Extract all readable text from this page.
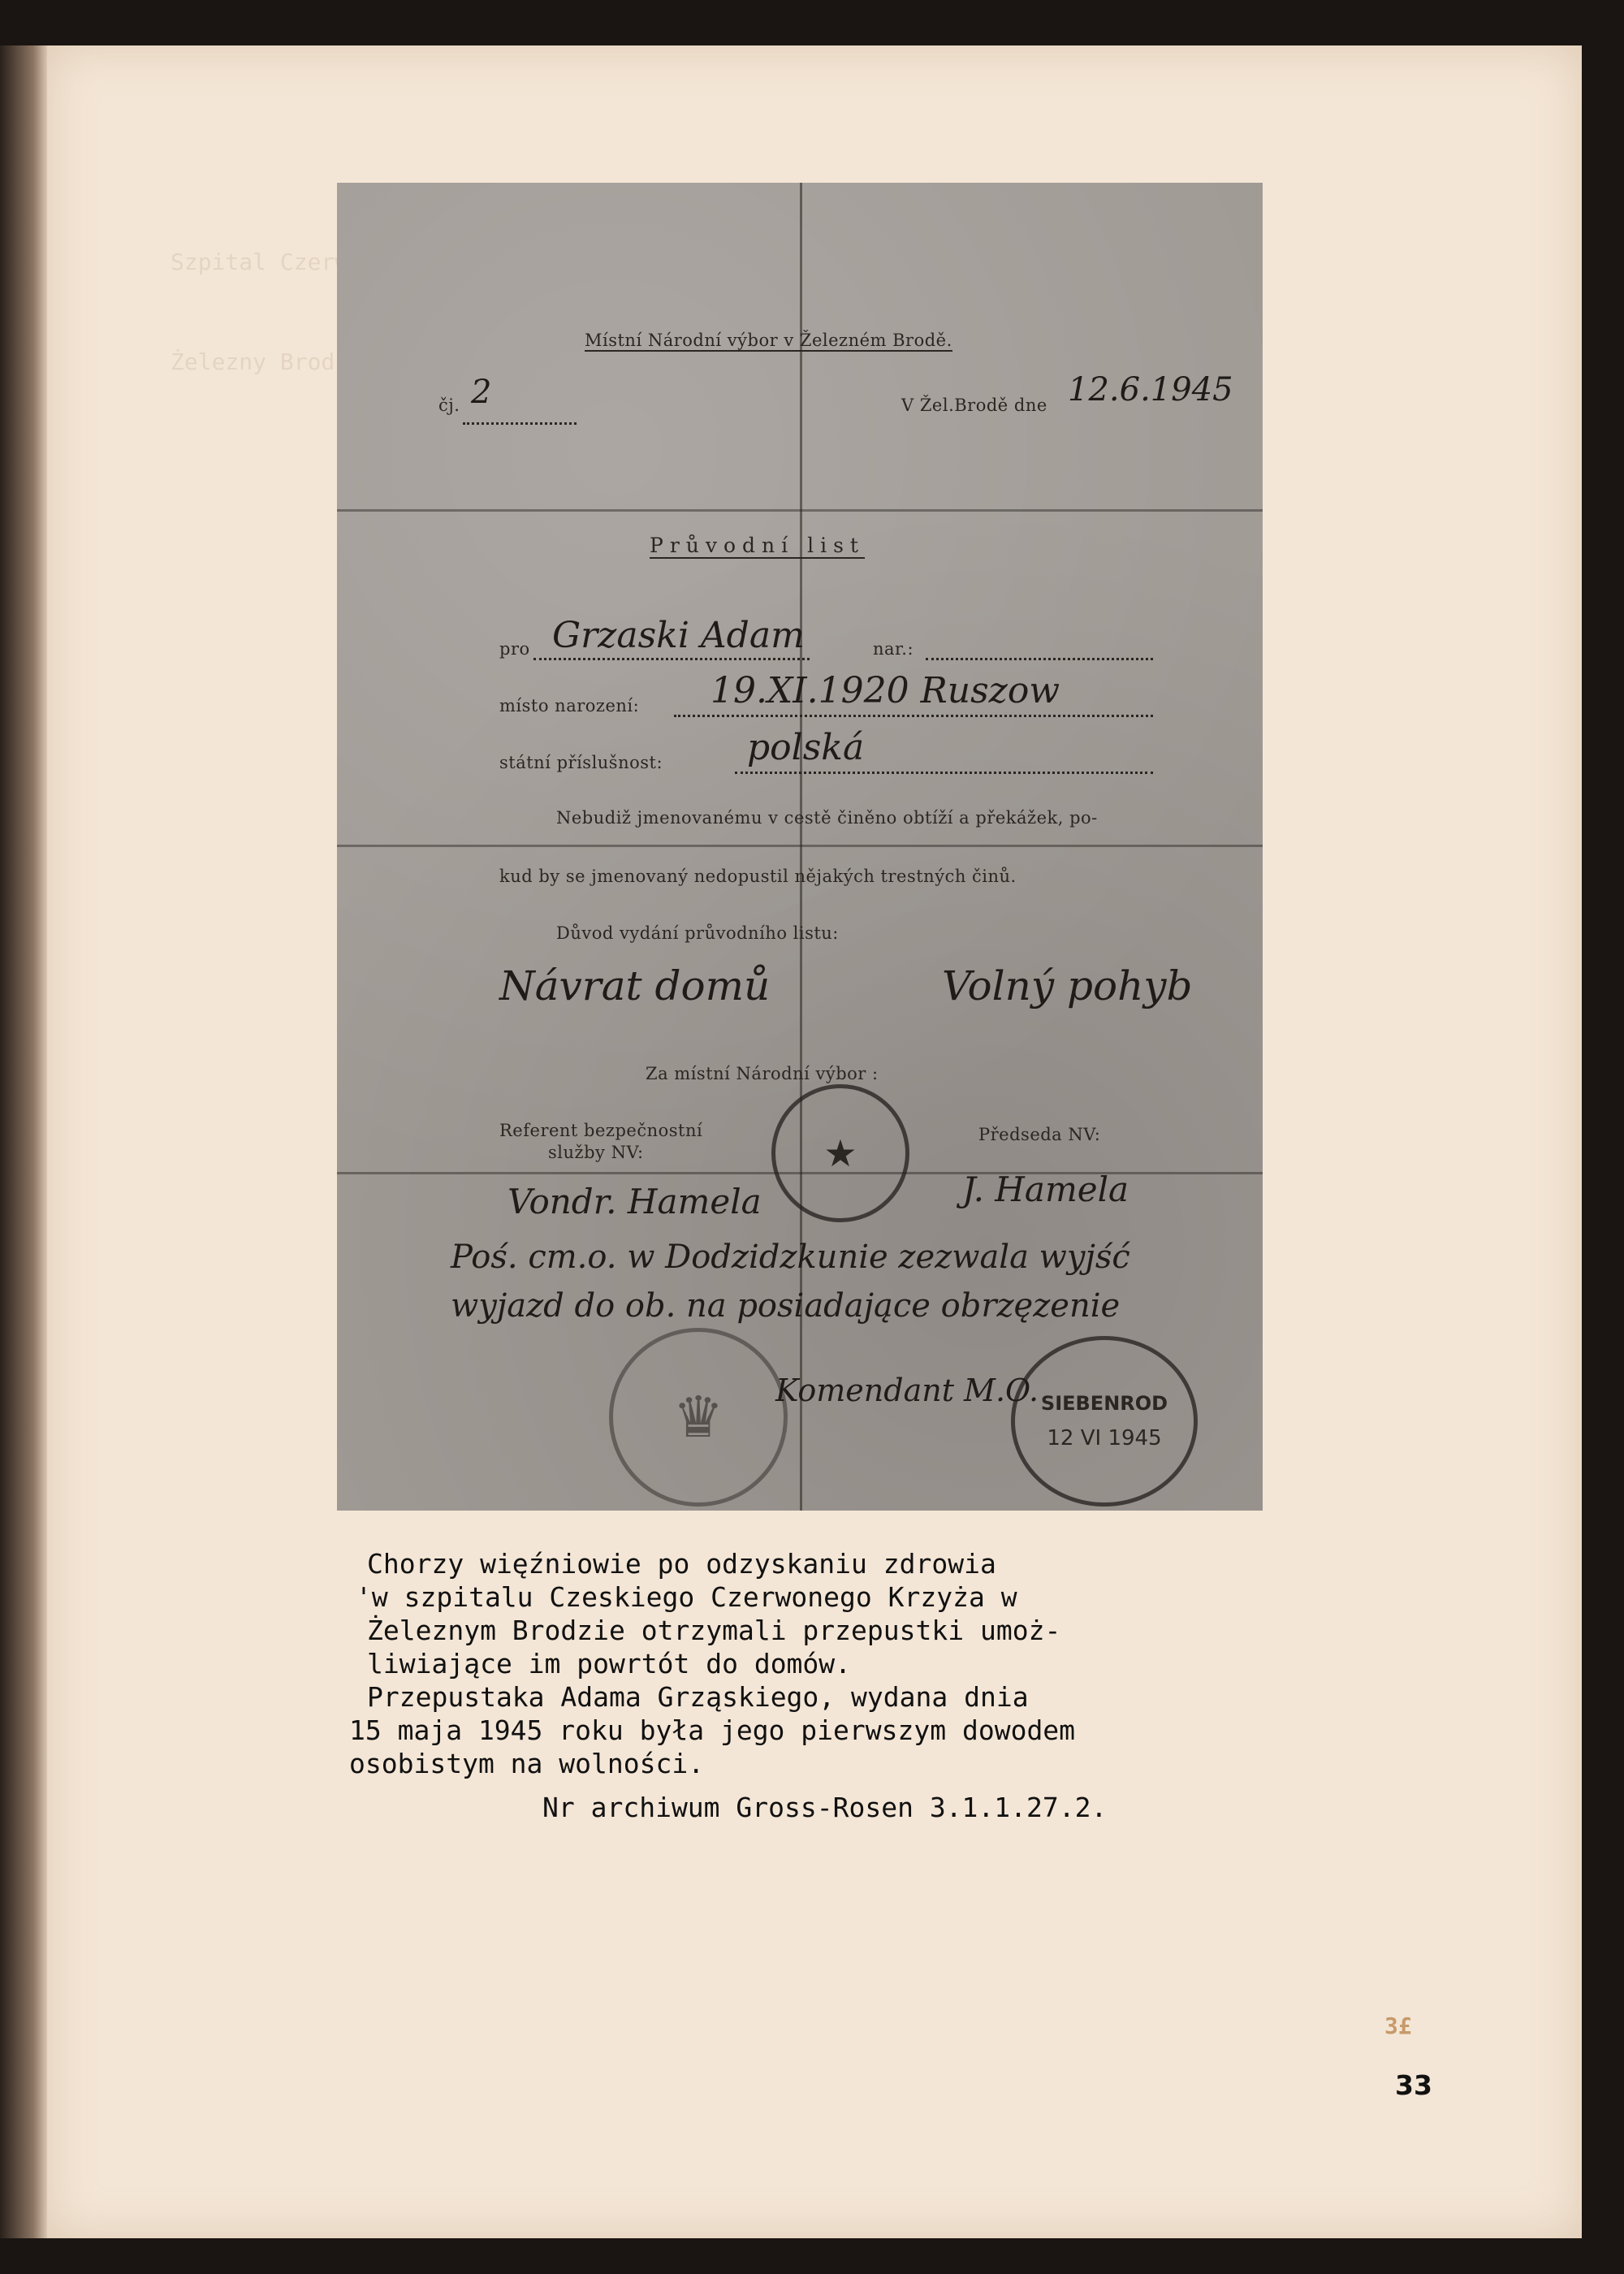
Místní Národní výbor v Železném Brodě.
čj. 2	V Žel.Brodě dne 12.6.1945
Průvodní list
pro Grzaski Adam	nar.:
místo narození: 19.XI.1920 Ruszow
státní příslušnost: polská
Nebudiž jmenovanému v cestě činěno obtíží a překážek, po-
kud by se jmenovaný nedopustil nějakých trestných činů.
Důvod vydání průvodního listu:
Návrat domů	Volný pohyb
Za místní Národní výbor :
Referent bezpečnostní
služby NV:
Předseda NV:
★
Vondr. Hamela	J. Hamela
Poś. cm.o. w Dodzidzkunie zezwala wyjść
wyjazd do ob. na posiadające obrzęzenie
♛ Komendant M.O. SIEBENROD
12 VI 1945
Chorzy więźniowie po odzyskaniu zdrowia
'w szpitalu Czeskiego Czerwonego Krzyża w
Żeleznym Brodzie otrzymali przepustki umoż-
liwiające im powrtót do domów.
Przepustaka Adama Grząskiego, wydana dnia
15 maja 1945 roku była jego pierwszym dowodem
osobistym na wolności.
Nr archiwum Gross-Rosen 3.1.1.27.2.
3£
33
